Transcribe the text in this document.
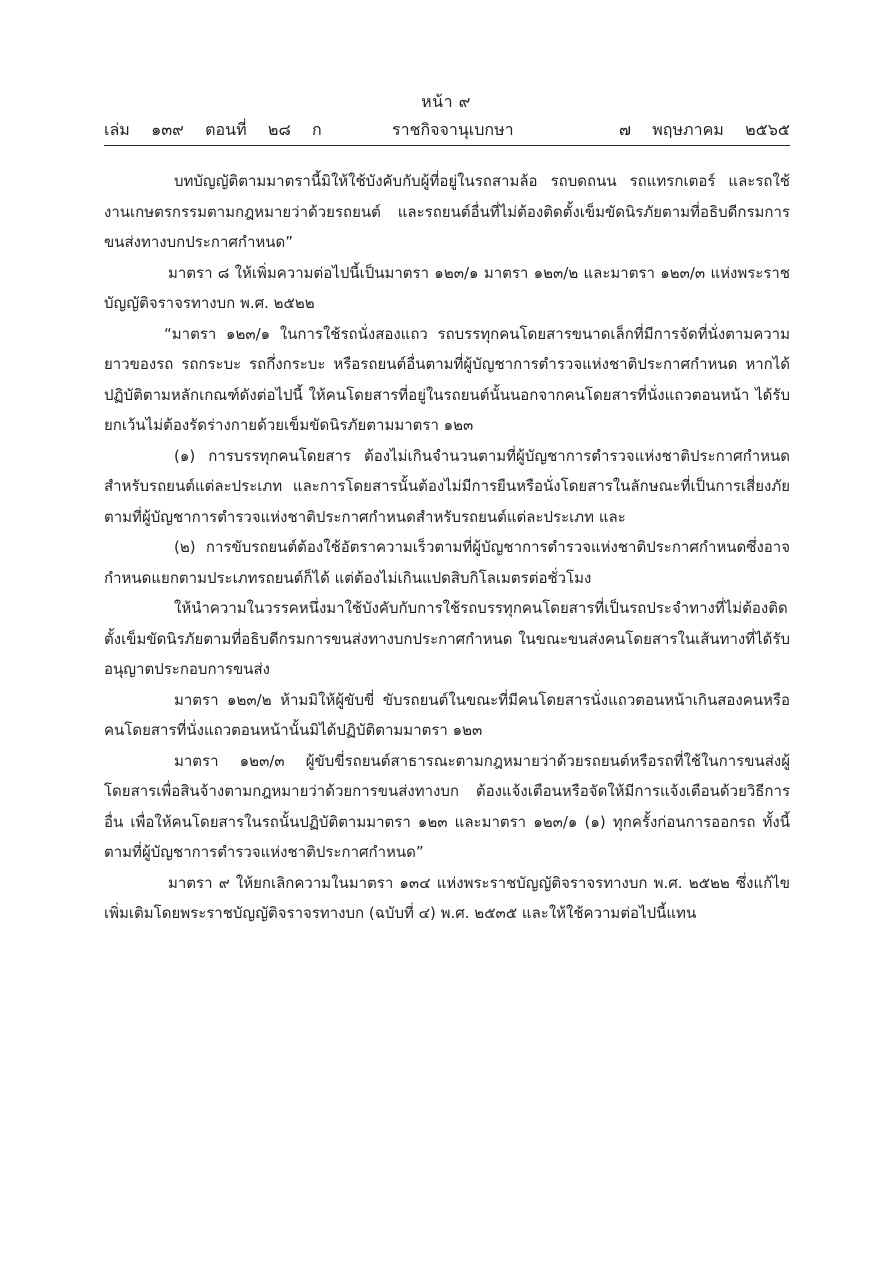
หน้า ๙
เล่ม   ๑๓๙   ตอนที่   ๒๘   ก	ราชกิจจานุเบกษา	๗   พฤษภาคม   ๒๕๖๕

บทบัญญัติตามมาตรานี้มิให้ใช้บังคับกับผู้ที่อยู่ในรถสามล้อ รถบดถนน รถแทรกเตอร์ และรถใช้งานเกษตรกรรมตามกฎหมายว่าด้วยรถยนต์ และรถยนต์อื่นที่ไม่ต้องติดตั้งเข็มขัดนิรภัยตามที่อธิบดีกรมการขนส่งทางบกประกาศกำหนด”

มาตรา ๘ ให้เพิ่มความต่อไปนี้เป็นมาตรา ๑๒๓/๑ มาตรา ๑๒๓/๒ และมาตรา ๑๒๓/๓ แห่งพระราชบัญญัติจราจรทางบก พ.ศ. ๒๕๒๒

“มาตรา ๑๒๓/๑ ในการใช้รถนั่งสองแถว รถบรรทุกคนโดยสารขนาดเล็กที่มีการจัดที่นั่งตามความยาวของรถ รถกระบะ รถกึ่งกระบะ หรือรถยนต์อื่นตามที่ผู้บัญชาการตำรวจแห่งชาติประกาศกำหนด หากได้ปฏิบัติตามหลักเกณฑ์ดังต่อไปนี้ ให้คนโดยสารที่อยู่ในรถยนต์นั้นนอกจากคนโดยสารที่นั่งแถวตอนหน้า ได้รับยกเว้นไม่ต้องรัดร่างกายด้วยเข็มขัดนิรภัยตามมาตรา ๑๒๓

(๑) การบรรทุกคนโดยสาร ต้องไม่เกินจำนวนตามที่ผู้บัญชาการตำรวจแห่งชาติประกาศกำหนดสำหรับรถยนต์แต่ละประเภท และการโดยสารนั้นต้องไม่มีการยืนหรือนั่งโดยสารในลักษณะที่เป็นการเสี่ยงภัยตามที่ผู้บัญชาการตำรวจแห่งชาติประกาศกำหนดสำหรับรถยนต์แต่ละประเภท และ

(๒) การขับรถยนต์ต้องใช้อัตราความเร็วตามที่ผู้บัญชาการตำรวจแห่งชาติประกาศกำหนดซึ่งอาจกำหนดแยกตามประเภทรถยนต์ก็ได้ แต่ต้องไม่เกินแปดสิบกิโลเมตรต่อชั่วโมง

ให้นำความในวรรคหนึ่งมาใช้บังคับกับการใช้รถบรรทุกคนโดยสารที่เป็นรถประจำทางที่ไม่ต้องติดตั้งเข็มขัดนิรภัยตามที่อธิบดีกรมการขนส่งทางบกประกาศกำหนด ในขณะขนส่งคนโดยสารในเส้นทางที่ได้รับอนุญาตประกอบการขนส่ง

มาตรา ๑๒๓/๒ ห้ามมิให้ผู้ขับขี่ ขับรถยนต์ในขณะที่มีคนโดยสารนั่งแถวตอนหน้าเกินสองคนหรือคนโดยสารที่นั่งแถวตอนหน้านั้นมิได้ปฏิบัติตามมาตรา ๑๒๓

มาตรา ๑๒๓/๓ ผู้ขับขี่รถยนต์สาธารณะตามกฎหมายว่าด้วยรถยนต์หรือรถที่ใช้ในการขนส่งผู้โดยสารเพื่อสินจ้างตามกฎหมายว่าด้วยการขนส่งทางบก ต้องแจ้งเตือนหรือจัดให้มีการแจ้งเตือนด้วยวิธีการอื่น เพื่อให้คนโดยสารในรถนั้นปฏิบัติตามมาตรา ๑๒๓ และมาตรา ๑๒๓/๑ (๑) ทุกครั้งก่อนการออกรถ ทั้งนี้ ตามที่ผู้บัญชาการตำรวจแห่งชาติประกาศกำหนด”

มาตรา ๙ ให้ยกเลิกความในมาตรา ๑๓๔ แห่งพระราชบัญญัติจราจรทางบก พ.ศ. ๒๕๒๒ ซึ่งแก้ไขเพิ่มเติมโดยพระราชบัญญัติจราจรทางบก (ฉบับที่ ๔) พ.ศ. ๒๕๓๕ และให้ใช้ความต่อไปนี้แทน
